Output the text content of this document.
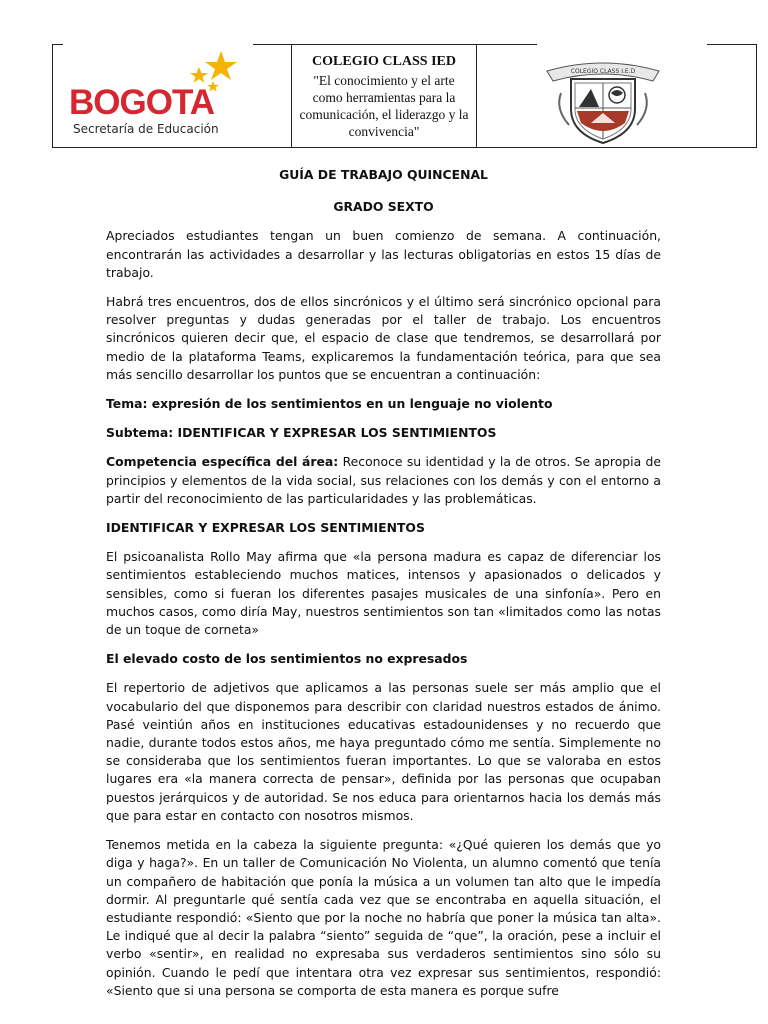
BOGOTA
Secretaría de Educación

COLEGIO CLASS IED
"El conocimiento y el arte como herramientas para la comunicación, el liderazgo y la convivencia"

COLEGIO CLASS I.E.D
GUÍA DE TRABAJO QUINCENAL
GRADO SEXTO

Apreciados estudiantes tengan un buen comienzo de semana. A continuación, encontrarán las actividades a desarrollar y las lecturas obligatorias en estos 15 días de trabajo.

Habrá tres encuentros, dos de ellos sincrónicos y el último será sincrónico opcional para resolver preguntas y dudas generadas por el taller de trabajo. Los encuentros sincrónicos quieren decir que, el espacio de clase que tendremos, se desarrollará por medio de la plataforma Teams, explicaremos la fundamentación teórica, para que sea más sencillo desarrollar los puntos que se encuentran a continuación:

Tema: expresión de los sentimientos en un lenguaje no violento

Subtema: IDENTIFICAR Y EXPRESAR LOS SENTIMIENTOS

Competencia específica del área: Reconoce su identidad y la de otros. Se apropia de principios y elementos de la vida social, sus relaciones con los demás y con el entorno a partir del reconocimiento de las particularidades y las problemáticas.

IDENTIFICAR Y EXPRESAR LOS SENTIMIENTOS

El psicoanalista Rollo May afirma que «la persona madura es capaz de diferenciar los sentimientos estableciendo muchos matices, intensos y apasionados o delicados y sensibles, como si fueran los diferentes pasajes musicales de una sinfonía». Pero en muchos casos, como diría May, nuestros sentimientos son tan «limitados como las notas de un toque de corneta»

El elevado costo de los sentimientos no expresados

El repertorio de adjetivos que aplicamos a las personas suele ser más amplio que el vocabulario del que disponemos para describir con claridad nuestros estados de ánimo. Pasé veintiún años en instituciones educativas estadounidenses y no recuerdo que nadie, durante todos estos años, me haya preguntado cómo me sentía. Simplemente no se consideraba que los sentimientos fueran importantes. Lo que se valoraba en estos lugares era «la manera correcta de pensar», definida por las personas que ocupaban puestos jerárquicos y de autoridad. Se nos educa para orientarnos hacia los demás más que para estar en contacto con nosotros mismos.

Tenemos metida en la cabeza la siguiente pregunta: «¿Qué quieren los demás que yo diga y haga?». En un taller de Comunicación No Violenta, un alumno comentó que tenía un compañero de habitación que ponía la música a un volumen tan alto que le impedía dormir. Al preguntarle qué sentía cada vez que se encontraba en aquella situación, el estudiante respondió: «Siento que por la noche no habría que poner la música tan alta». Le indiqué que al decir la palabra “siento” seguida de “que”, la oración, pese a incluir el verbo «sentir», en realidad no expresaba sus verdaderos sentimientos sino sólo su opinión. Cuando le pedí que intentara otra vez expresar sus sentimientos, respondió: «Siento que si una persona se comporta de esta manera es porque sufre
